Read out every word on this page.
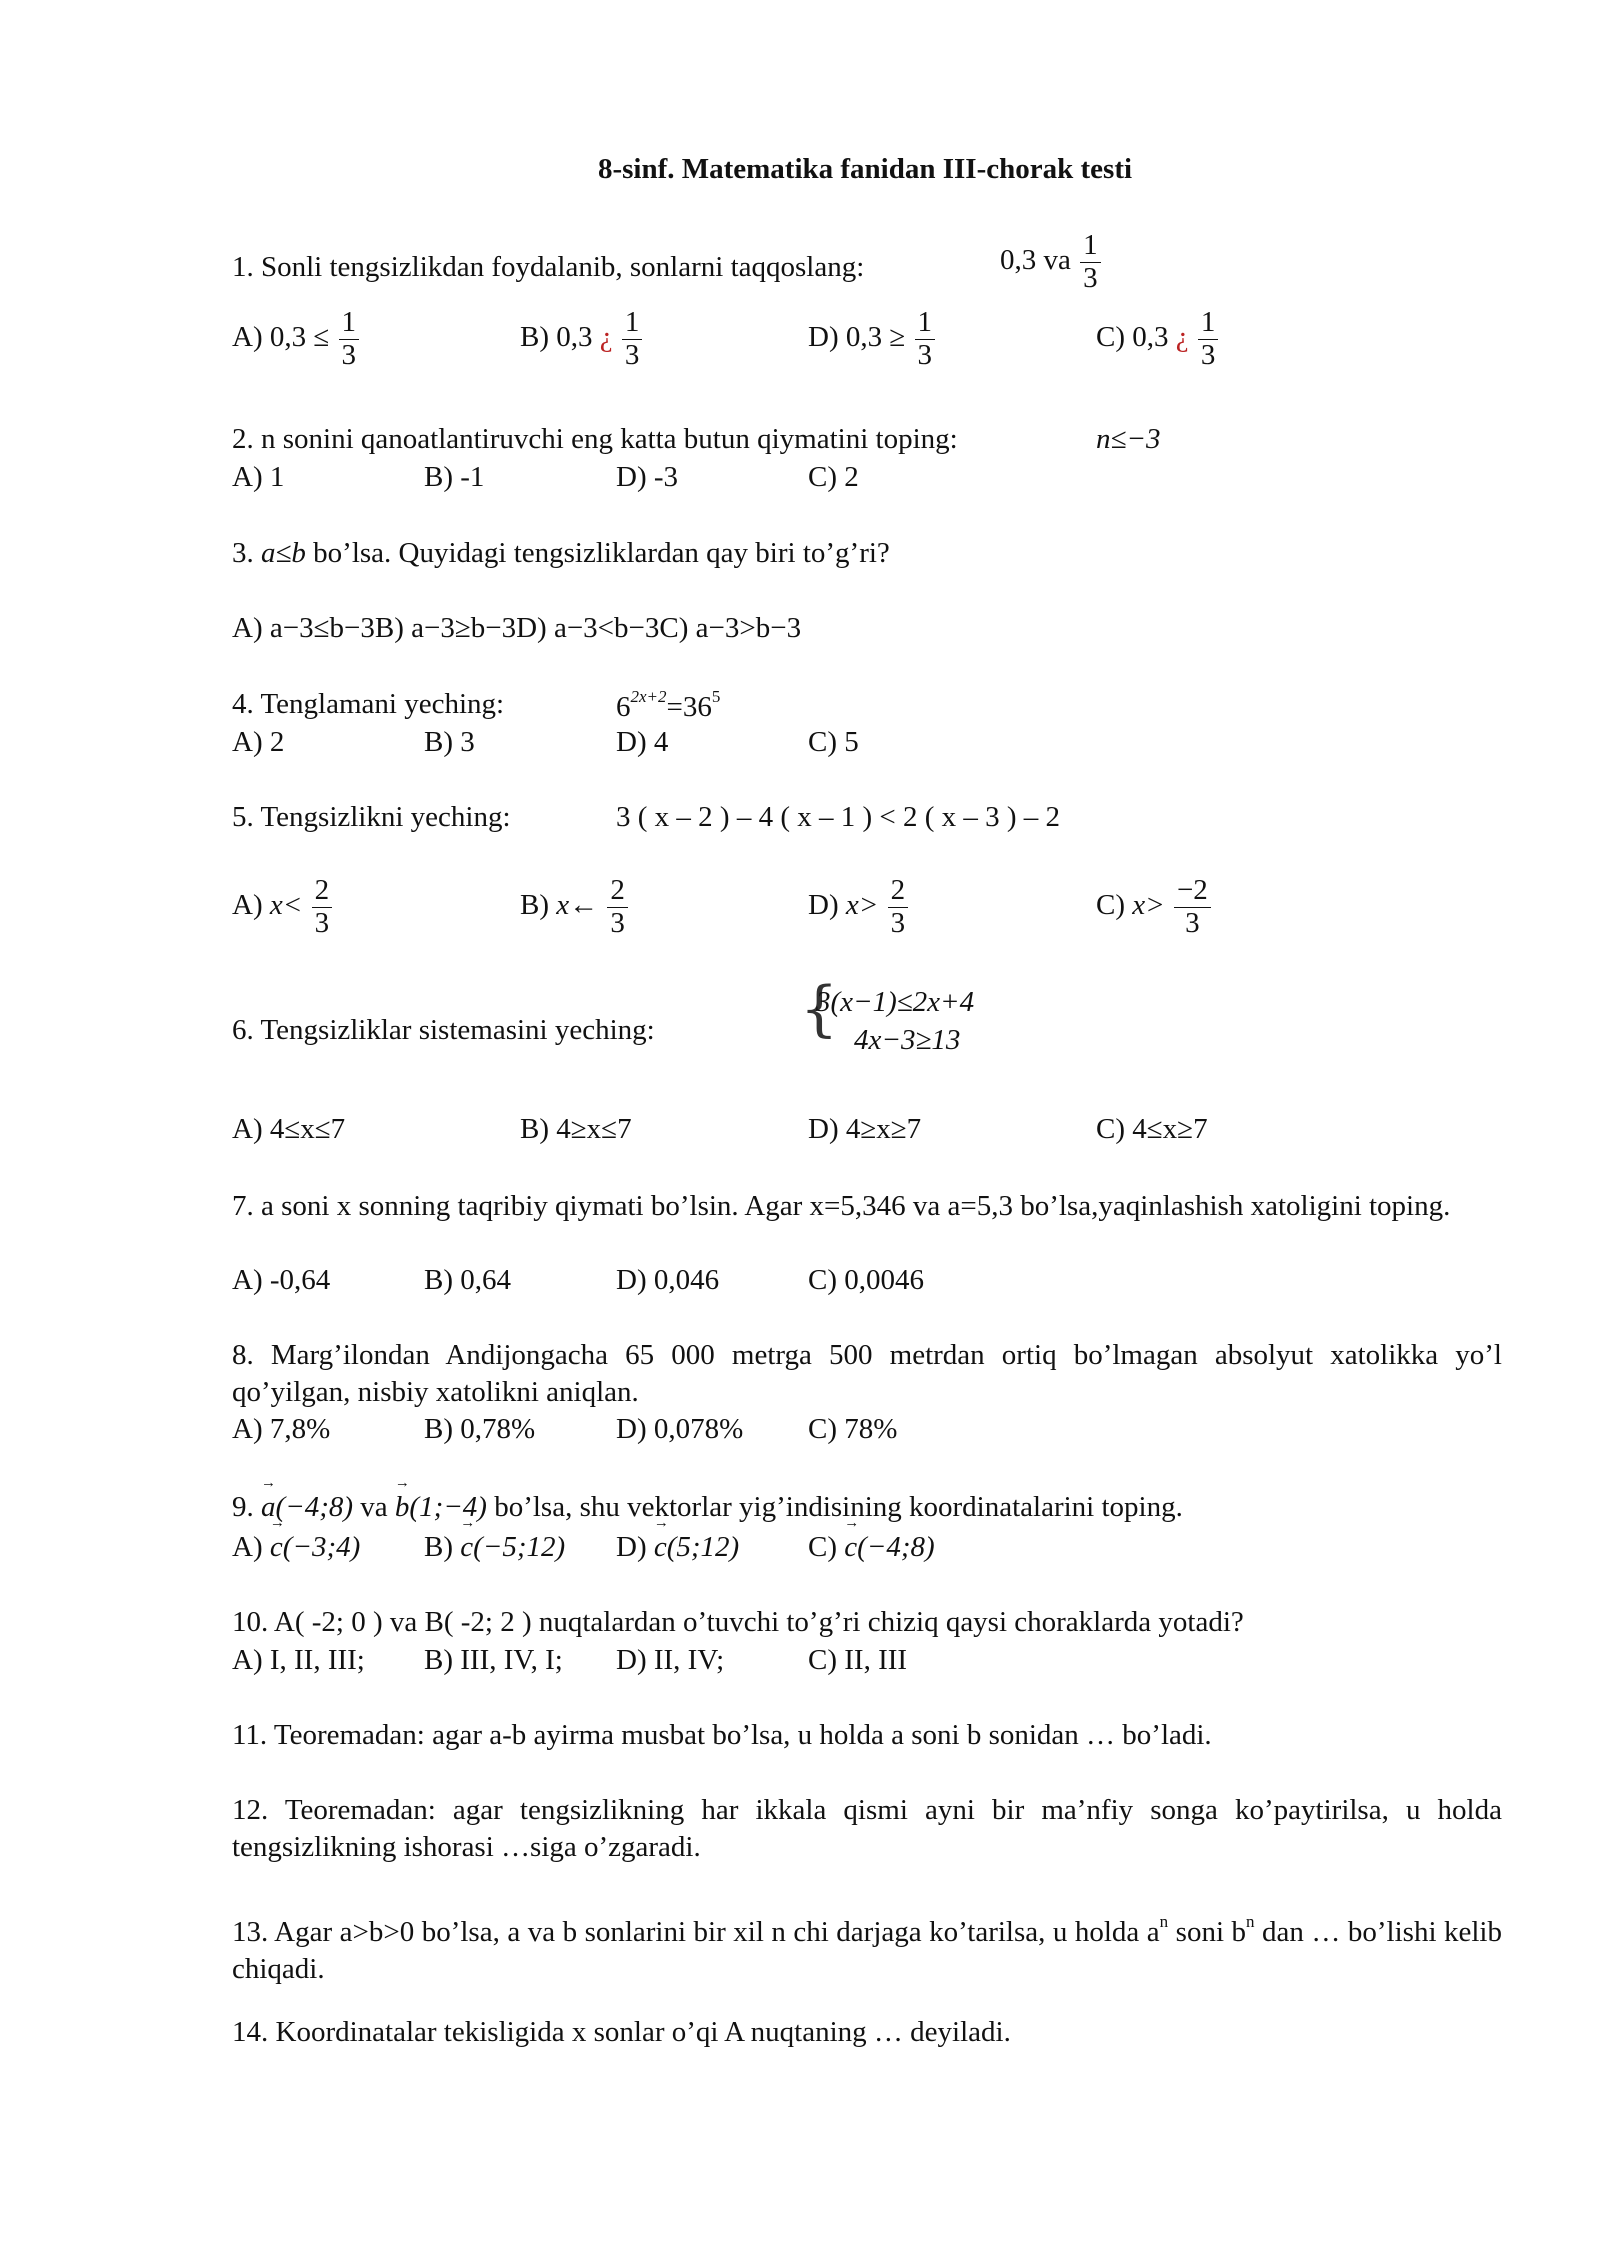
8-sinf. Matematika fanidan III-chorak testi
1. Sonli tengsizlikdan foydalanib, sonlarni taqqoslang:	0,3 va $\frac{1}{3}$
A) $0,3 \le \frac{1}{3}$	B) 0,3 ¿ $\frac{1}{3}$	D) $0,3 \ge \frac{1}{3}$	C) 0,3 ¿ $\frac{1}{3}$
2. n sonini qanoatlantiruvchi eng katta butun qiymatini toping:	n≤−3
A) 1	B) -1	D) -3	C) 2
3. a≤b bo’lsa. Quyidagi tengsizliklardan qay biri to’g’ri?
A) a−3≤b−3B) a−3≥b−3D) a−3<b−3C) a−3>b−3
4. Tenglamani yeching:	$6^{2x+2}=36^5$
A) 2	B) 3	D) 4	C) 5
5. Tengsizlikni yeching:	3 ( x – 2 ) – 4 ( x – 1 ) < 2 ( x – 3 ) – 2
A) $x< \frac{2}{3}$	B) x← $\frac{2}{3}$	D) $x> \frac{2}{3}$	C) $x> \frac{-2}{3}$
6. Tengsizliklar sistemasini yeching: {
3(x−1)≤2x+4
4x−3≥13
A) 4≤x≤7	B) 4≥x≤7	D) 4≥x≥7	C) 4≤x≥7
7. a soni x sonning taqribiy qiymati bo’lsin. Agar x=5,346 va a=5,3 bo’lsa,yaqinlashish xatoligini toping.
A) -0,64	B) 0,64	D) 0,046	C) 0,0046
8. Marg’ilondan Andijongacha 65 000 metrga 500 metrdan ortiq bo’lmagan absolyut xatolikka yo’l qo’yilgan, nisbiy xatolikni aniqlan.
A) 7,8%	B) 0,78%	D) 0,078% C) 78%
9. → a(−4;8) va → b(1;−4) bo’lsa, shu vektorlar yig’indisining koordinatalarini toping.
A) → c(−3;4) B) → c(−5;12) D) → c(5;12) C) → c(−4;8)
10. A( -2; 0 ) va B( -2; 2 ) nuqtalardan o’tuvchi to’g’ri chiziq qaysi choraklarda yotadi?
A) I, II, III; B) III, IV, I; D) II, IV;	C) II, III
11. Teoremadan: agar a-b ayirma musbat bo’lsa, u holda a soni b sonidan … bo’ladi.
12. Teoremadan: agar tengsizlikning har ikkala qismi ayni bir ma’nfiy songa ko’paytirilsa, u holda tengsizlikning ishorasi …siga o’zgaradi.
13. Agar a>b>0 bo’lsa, a va b sonlarini bir xil n chi darjaga ko’tarilsa, u holda $a^n$ soni $b^n$ dan … bo’lishi kelib chiqadi.
14. Koordinatalar tekisligida x sonlar o’qi A nuqtaning … deyiladi.
